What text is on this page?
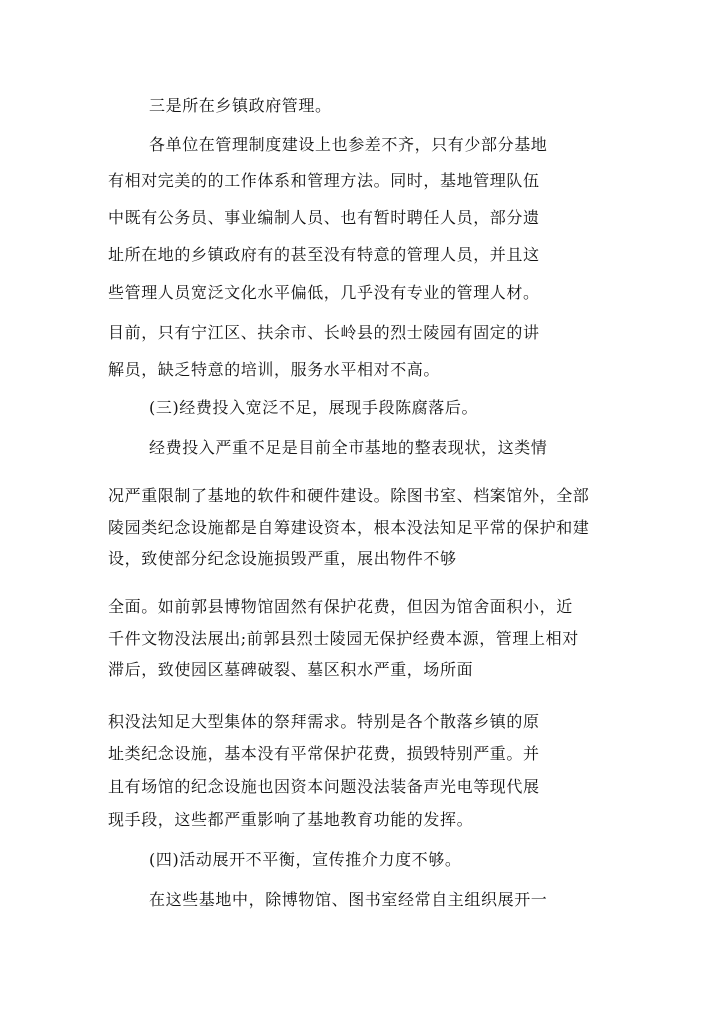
三是所在乡镇政府管理。
各单位在管理制度建设上也参差不齐，只有少部分基地
有相对完美的的工作体系和管理方法。同时，基地管理队伍
中既有公务员、事业编制人员、也有暂时聘任人员，部分遗
址所在地的乡镇政府有的甚至没有特意的管理人员，并且这
些管理人员宽泛文化水平偏低，几乎没有专业的管理人材。
目前，只有宁江区、扶余市、长岭县的烈士陵园有固定的讲
解员，缺乏特意的培训，服务水平相对不高。
(三)经费投入宽泛不足，展现手段陈腐落后。
经费投入严重不足是目前全市基地的整表现状，这类情
况严重限制了基地的软件和硬件建设。除图书室、档案馆外，全部
陵园类纪念设施都是自筹建设资本，根本没法知足平常的保护和建
设，致使部分纪念设施损毁严重，展出物件不够
全面。如前郭县博物馆固然有保护花费，但因为馆舍面积小，近
千件文物没法展出;前郭县烈士陵园无保护经费本源，管理上相对
滞后，致使园区墓碑破裂、墓区积水严重，场所面
积没法知足大型集体的祭拜需求。特别是各个散落乡镇的原
址类纪念设施，基本没有平常保护花费，损毁特别严重。并
且有场馆的纪念设施也因资本问题没法装备声光电等现代展
现手段，这些都严重影响了基地教育功能的发挥。
(四)活动展开不平衡，宣传推介力度不够。
在这些基地中，除博物馆、图书室经常自主组织展开一
